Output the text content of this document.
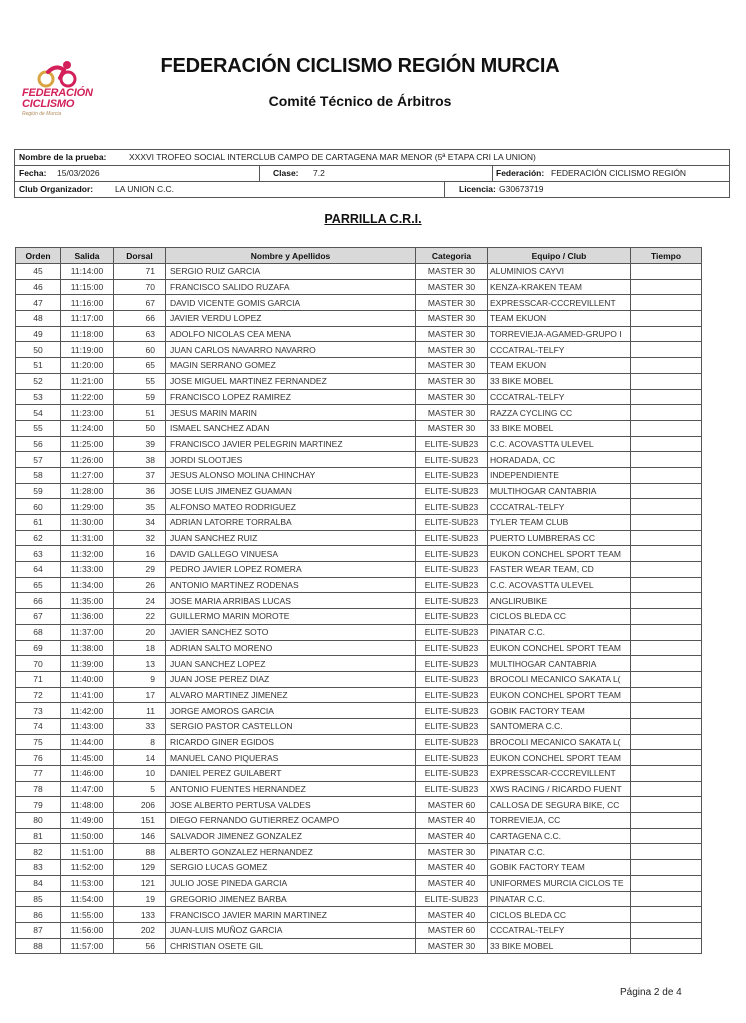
FEDERACIÓN
CICLISMO
Región de Murcia
FEDERACIÓN CICLISMO REGIÓN MURCIA
Comité Técnico de Árbitros
Nombre de la prueba:	XXXVI TROFEO SOCIAL INTERCLUB CAMPO DE CARTAGENA MAR MENOR (5ª ETAPA CRI LA UNION)
Fecha: 15/03/2026	Clase: 7.2	Federación: FEDERACIÓN CICLISMO REGIÓN
Club Organizador:	LA UNION C.C.	Licencia: G30673719
PARRILLA C.R.I.
Orden	Salida	Dorsal	Nombre y Apellidos	Categoria	Equipo / Club	Tiempo
45	11:14:00	71	SERGIO RUIZ GARCIA	MASTER 30	ALUMINIOS CAYVI	
46	11:15:00	70	FRANCISCO SALIDO RUZAFA	MASTER 30	KENZA-KRAKEN TEAM	
47	11:16:00	67	DAVID VICENTE GOMIS GARCIA	MASTER 30	EXPRESSCAR-CCCREVILLENT	
48	11:17:00	66	JAVIER VERDU LOPEZ	MASTER 30	TEAM EKUON	
49	11:18:00	63	ADOLFO NICOLAS CEA MENA	MASTER 30	TORREVIEJA-AGAMED-GRUPO I	
50	11:19:00	60	JUAN CARLOS NAVARRO NAVARRO	MASTER 30	CCCATRAL-TELFY	
51	11:20:00	65	MAGIN SERRANO GOMEZ	MASTER 30	TEAM EKUON	
52	11:21:00	55	JOSE MIGUEL MARTINEZ FERNANDEZ	MASTER 30	33 BIKE MOBEL	
53	11:22:00	59	FRANCISCO LOPEZ RAMIREZ	MASTER 30	CCCATRAL-TELFY	
54	11:23:00	51	JESUS MARIN MARIN	MASTER 30	RAZZA CYCLING CC	
55	11:24:00	50	ISMAEL SANCHEZ ADAN	MASTER 30	33 BIKE MOBEL	
56	11:25:00	39	FRANCISCO JAVIER PELEGRIN MARTINEZ	ELITE-SUB23	C.C. ACOVASTTA ULEVEL	
57	11:26:00	38	JORDI SLOOTJES	ELITE-SUB23	HORADADA, CC	
58	11:27:00	37	JESUS ALONSO MOLINA CHINCHAY	ELITE-SUB23	INDEPENDIENTE	
59	11:28:00	36	JOSE LUIS JIMENEZ GUAMAN	ELITE-SUB23	MULTIHOGAR CANTABRIA	
60	11:29:00	35	ALFONSO MATEO RODRIGUEZ	ELITE-SUB23	CCCATRAL-TELFY	
61	11:30:00	34	ADRIAN LATORRE TORRALBA	ELITE-SUB23	TYLER TEAM CLUB	
62	11:31:00	32	JUAN SANCHEZ RUIZ	ELITE-SUB23	PUERTO LUMBRERAS CC	
63	11:32:00	16	DAVID GALLEGO VINUESA	ELITE-SUB23	EUKON CONCHEL SPORT TEAM	
64	11:33:00	29	PEDRO JAVIER LOPEZ ROMERA	ELITE-SUB23	FASTER WEAR TEAM, CD	
65	11:34:00	26	ANTONIO MARTINEZ RODENAS	ELITE-SUB23	C.C. ACOVASTTA ULEVEL	
66	11:35:00	24	JOSE MARIA ARRIBAS LUCAS	ELITE-SUB23	ANGLIRUBIKE	
67	11:36:00	22	GUILLERMO MARIN MOROTE	ELITE-SUB23	CICLOS BLEDA CC	
68	11:37:00	20	JAVIER SANCHEZ SOTO	ELITE-SUB23	PINATAR C.C.	
69	11:38:00	18	ADRIAN SALTO MORENO	ELITE-SUB23	EUKON CONCHEL SPORT TEAM	
70	11:39:00	13	JUAN SANCHEZ LOPEZ	ELITE-SUB23	MULTIHOGAR CANTABRIA	
71	11:40:00	9	JUAN JOSE PEREZ DIAZ	ELITE-SUB23	BROCOLI MECANICO SAKATA L(	
72	11:41:00	17	ALVARO MARTINEZ JIMENEZ	ELITE-SUB23	EUKON CONCHEL SPORT TEAM	
73	11:42:00	11	JORGE AMOROS GARCIA	ELITE-SUB23	GOBIK FACTORY TEAM	
74	11:43:00	33	SERGIO PASTOR CASTELLON	ELITE-SUB23	SANTOMERA C.C.	
75	11:44:00	8	RICARDO GINER EGIDOS	ELITE-SUB23	BROCOLI MECANICO SAKATA L(	
76	11:45:00	14	MANUEL CANO PIQUERAS	ELITE-SUB23	EUKON CONCHEL SPORT TEAM	
77	11:46:00	10	DANIEL PEREZ GUILABERT	ELITE-SUB23	EXPRESSCAR-CCCREVILLENT	
78	11:47:00	5	ANTONIO FUENTES HERNANDEZ	ELITE-SUB23	XWS RACING / RICARDO FUENT	
79	11:48:00	206	JOSE ALBERTO PERTUSA VALDES	MASTER 60	CALLOSA DE SEGURA BIKE, CC	
80	11:49:00	151	DIEGO FERNANDO GUTIERREZ OCAMPO	MASTER 40	TORREVIEJA, CC	
81	11:50:00	146	SALVADOR JIMENEZ GONZALEZ	MASTER 40	CARTAGENA C.C.	
82	11:51:00	88	ALBERTO GONZALEZ HERNANDEZ	MASTER 30	PINATAR C.C.	
83	11:52:00	129	SERGIO LUCAS GOMEZ	MASTER 40	GOBIK FACTORY TEAM	
84	11:53:00	121	JULIO JOSE PINEDA GARCIA	MASTER 40	UNIFORMES MURCIA CICLOS TE	
85	11:54:00	19	GREGORIO JIMENEZ BARBA	ELITE-SUB23	PINATAR C.C.	
86	11:55:00	133	FRANCISCO JAVIER MARIN MARTINEZ	MASTER 40	CICLOS BLEDA CC	
87	11:56:00	202	JUAN-LUIS MUÑOZ GARCIA	MASTER 60	CCCATRAL-TELFY	
88	11:57:00	56	CHRISTIAN OSETE GIL	MASTER 30	33 BIKE MOBEL	
Página 2 de 4
